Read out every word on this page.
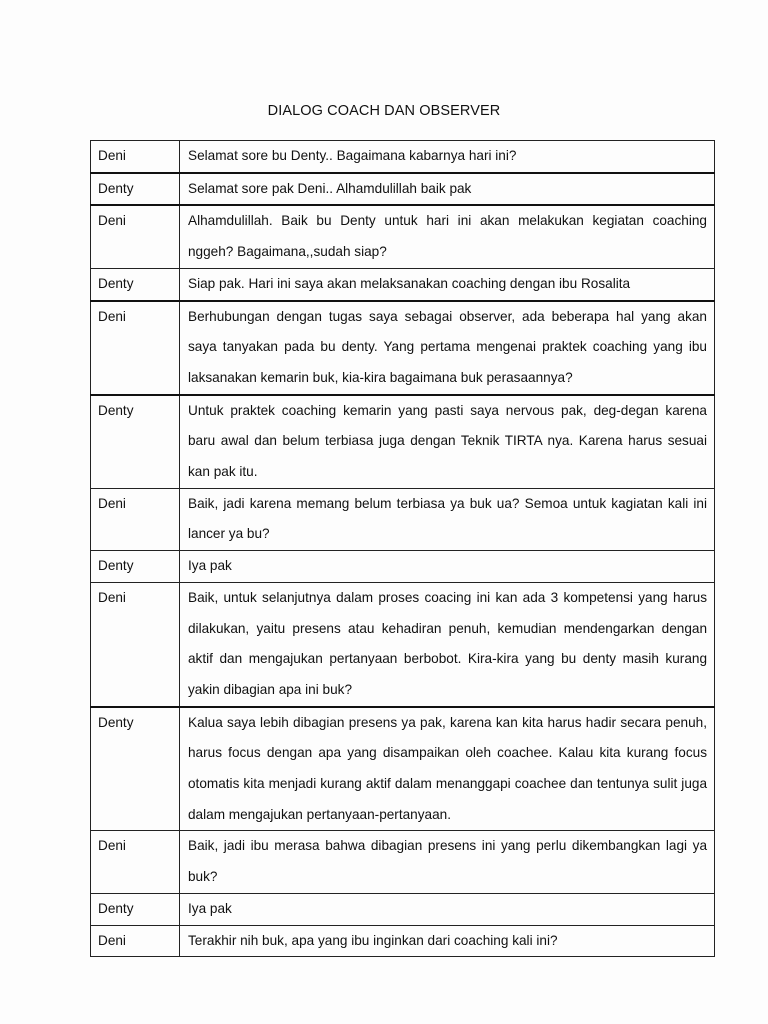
DIALOG COACH DAN OBSERVER
Deni	Selamat sore bu Denty.. Bagaimana kabarnya hari ini?
Denty	Selamat sore pak Deni.. Alhamdulillah baik pak
Deni	Alhamdulillah. Baik bu Denty untuk hari ini akan melakukan kegiatan coaching nggeh? Bagaimana,,sudah siap?
Denty	Siap pak. Hari ini saya akan melaksanakan coaching dengan ibu Rosalita
Deni	Berhubungan dengan tugas saya sebagai observer, ada beberapa hal yang akan saya tanyakan pada bu denty. Yang pertama mengenai praktek coaching yang ibu laksanakan kemarin buk, kia-kira bagaimana buk perasaannya?
Denty	Untuk praktek coaching kemarin yang pasti saya nervous pak, deg-degan karena baru awal dan belum terbiasa juga dengan Teknik TIRTA nya. Karena harus sesuai kan pak itu.
Deni	Baik, jadi karena memang belum terbiasa ya buk ua? Semoa untuk kagiatan kali ini lancer ya bu?
Denty	Iya pak
Deni	Baik, untuk selanjutnya dalam proses coacing ini kan ada 3 kompetensi yang harus dilakukan, yaitu presens atau kehadiran penuh, kemudian mendengarkan dengan aktif dan mengajukan pertanyaan berbobot. Kira-kira yang bu denty masih kurang yakin dibagian apa ini buk?
Denty	Kalua saya lebih dibagian presens ya pak, karena kan kita harus hadir secara penuh, harus focus dengan apa yang disampaikan oleh coachee. Kalau kita kurang focus otomatis kita menjadi kurang aktif dalam menanggapi coachee dan tentunya sulit juga dalam mengajukan pertanyaan-pertanyaan.
Deni	Baik, jadi ibu merasa bahwa dibagian presens ini yang perlu dikembangkan lagi ya buk?
Denty	Iya pak
Deni	Terakhir nih buk, apa yang ibu inginkan dari coaching kali ini?
